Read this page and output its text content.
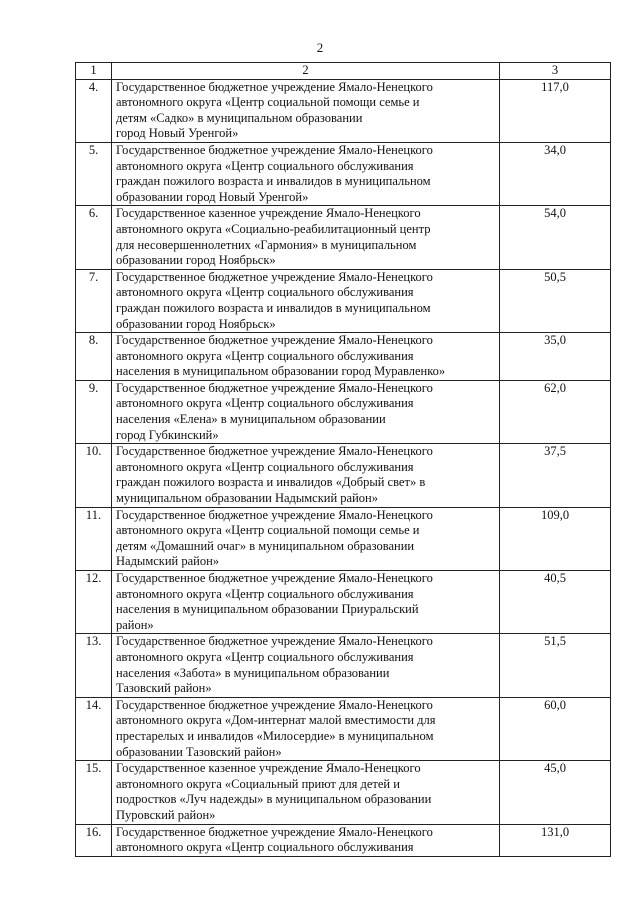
2
1	2	3
4.	Государственное бюджетное учреждение Ямало-Ненецкого
автономного округа «Центр социальной помощи семье и
детям «Садко» в муниципальном образовании
город Новый Уренгой»	117,0
5.	Государственное бюджетное учреждение Ямало-Ненецкого
автономного округа «Центр социального обслуживания
граждан пожилого возраста и инвалидов в муниципальном
образовании город Новый Уренгой»	34,0
6.	Государственное казенное учреждение Ямало-Ненецкого
автономного округа «Социально-реабилитационный центр
для несовершеннолетних «Гармония» в муниципальном
образовании город Ноябрьск»	54,0
7.	Государственное бюджетное учреждение Ямало-Ненецкого
автономного округа «Центр социального обслуживания
граждан пожилого возраста и инвалидов в муниципальном
образовании город Ноябрьск»	50,5
8.	Государственное бюджетное учреждение Ямало-Ненецкого
автономного округа «Центр социального обслуживания
населения в муниципальном образовании город Муравленко»	35,0
9.	Государственное бюджетное учреждение Ямало-Ненецкого
автономного округа «Центр социального обслуживания
населения «Елена» в муниципальном образовании
город Губкинский»	62,0
10.	Государственное бюджетное учреждение Ямало-Ненецкого
автономного округа «Центр социального обслуживания
граждан пожилого возраста и инвалидов «Добрый свет» в
муниципальном образовании Надымский район»	37,5
11.	Государственное бюджетное учреждение Ямало-Ненецкого
автономного округа «Центр социальной помощи семье и
детям «Домашний очаг» в муниципальном образовании
Надымский район»	109,0
12.	Государственное бюджетное учреждение Ямало-Ненецкого
автономного округа «Центр социального обслуживания
населения в муниципальном образовании Приуральский
район»	40,5
13.	Государственное бюджетное учреждение Ямало-Ненецкого
автономного округа «Центр социального обслуживания
населения «Забота» в муниципальном образовании
Тазовский район»	51,5
14.	Государственное бюджетное учреждение Ямало-Ненецкого
автономного округа «Дом-интернат малой вместимости для
престарелых и инвалидов «Милосердие» в муниципальном
образовании Тазовский район»	60,0
15.	Государственное казенное учреждение Ямало-Ненецкого
автономного округа «Социальный приют для детей и
подростков «Луч надежды» в муниципальном образовании
Пуровский район»	45,0
16.	Государственное бюджетное учреждение Ямало-Ненецкого
автономного округа «Центр социального обслуживания	131,0
